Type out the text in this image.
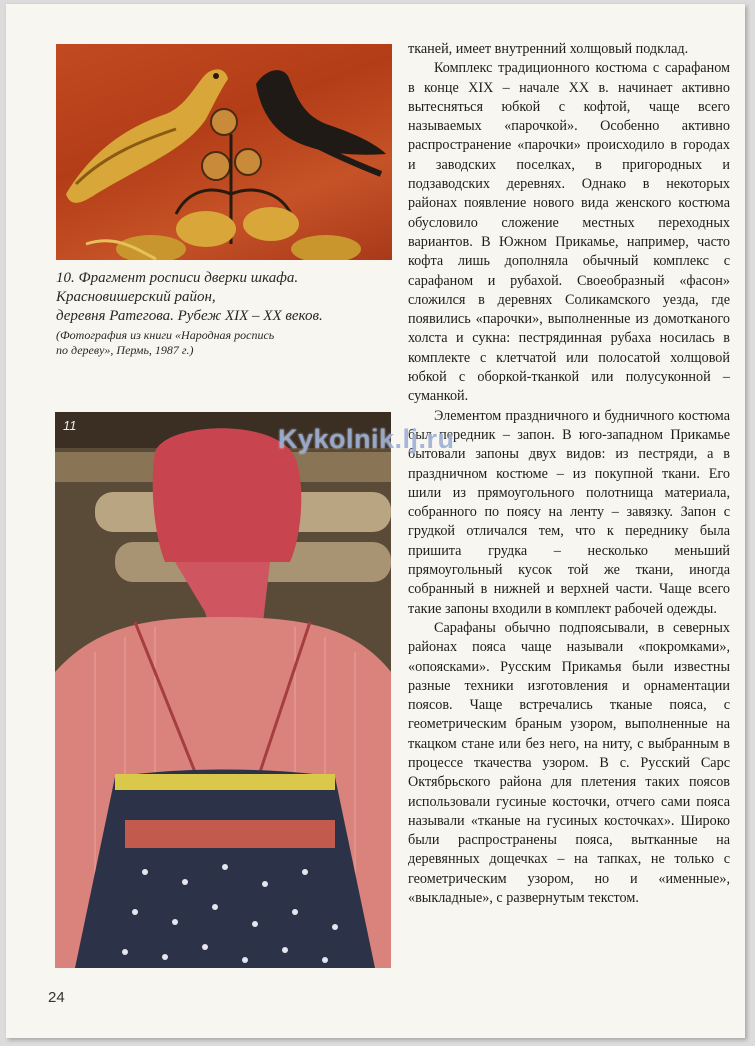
10. Фрагмент росписи дверки шкафа.
Красновишерский район,
деревня Ратегова. Рубеж XIX – XX веков.
(Фотография из книги «Народная роспись
по дереву», Пермь, 1987 г.)
11

тканей, имеет внутренний холщовый подклад.

Комплекс традиционного костюма с сарафаном в конце XIX – начале XX в. начинает активно вытесняться юбкой с кофтой, чаще всего называемых «парочкой». Особенно активно распространение «парочки» происходило в городах и заводских поселках, в пригородных и подзаводских деревнях. Однако в некоторых районах появление нового вида женского костюма обусловило сложение местных переходных вариантов. В Южном Прикамье, например, часто кофта лишь дополняла обычный комплекс с сарафаном и рубахой. Своеобразный «фасон» сложился в деревнях Соликамского уезда, где появились «парочки», выполненные из домотканого холста и сукна: пестрядинная рубаха носилась в комплекте с клетчатой или полосатой холщовой юбкой с оборкой-тканкой или полусуконной – суманкой.

Элементом праздничного и будничного костюма был передник – запон. В юго-западном Прикамье бытовали запоны двух видов: из пестряди, а в праздничном костюме – из покупной ткани. Его шили из прямоугольного полотнища материала, собранного по поясу на ленту – завязку. Запон с грудкой отличался тем, что к переднику была пришита грудка – несколько меньший прямоугольный кусок той же ткани, иногда собранный в нижней и верхней части. Чаще всего такие запоны входили в комплект рабочей одежды.

Сарафаны обычно подпоясывали, в северных районах пояса чаще называли «покромками», «опоясками». Русским Прикамья были известны разные техники изготовления и орнаментации поясов. Чаще встречались тканые пояса, с геометрическим браным узором, выполненные на ткацком стане или без него, на ниту, с выбранным в процессе ткачества узором. В с. Русский Сарс Октябрьского района для плетения таких поясов использовали гусиные косточки, отчего сами пояса называли «тканые на гусиных косточках». Широко были распространены пояса, вытканные на деревянных дощечках – на тапках, не только с геометрическим узором, но и «именные», «выкладные», с развернутым текстом.

Kykolnik.lj.ru
24
